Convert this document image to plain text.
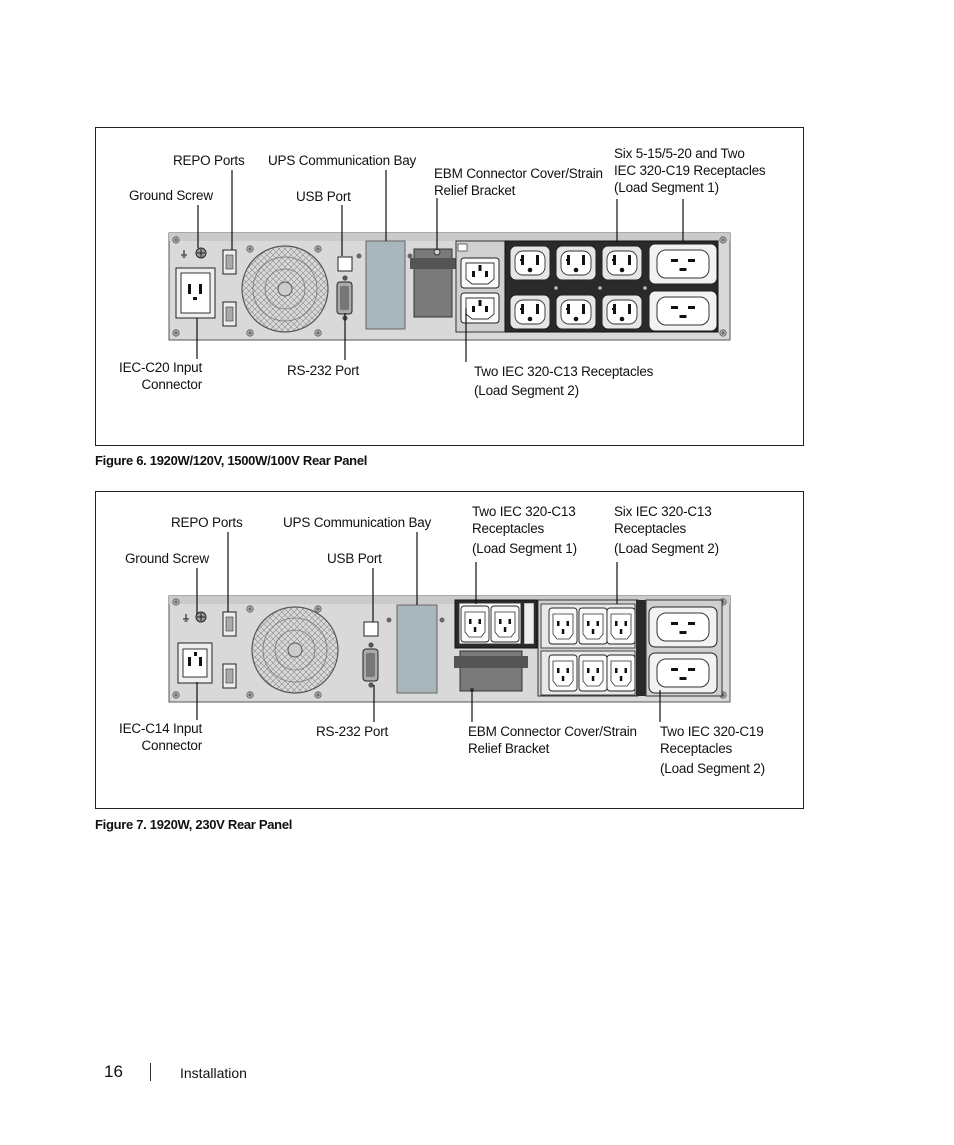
REPO Ports UPS Communication Bay
EBM Connector Cover/Strain
Relief Bracket
Six 5-15/5-20 and Two
IEC 320-C19 Receptacles
(Load Segment 1)
Ground Screw	USB Port
IEC-C20 Input
Connector
RS-232 Port	Two IEC 320-C13 Receptacles
(Load Segment 2)
Figure 6. 1920W/120V, 1500W/100V Rear Panel
REPO Ports	UPS Communication Bay
Two IEC 320-C13
Receptacles
(Load Segment 1)
Six IEC 320-C13
Receptacles
(Load Segment 2)
Ground Screw	USB Port
IEC-C14 Input
Connector
RS-232 Port	EBM Connector Cover/Strain
Relief Bracket
Two IEC 320-C19
Receptacles
(Load Segment 2)
Figure 7. 1920W, 230V Rear Panel
16	Installation
